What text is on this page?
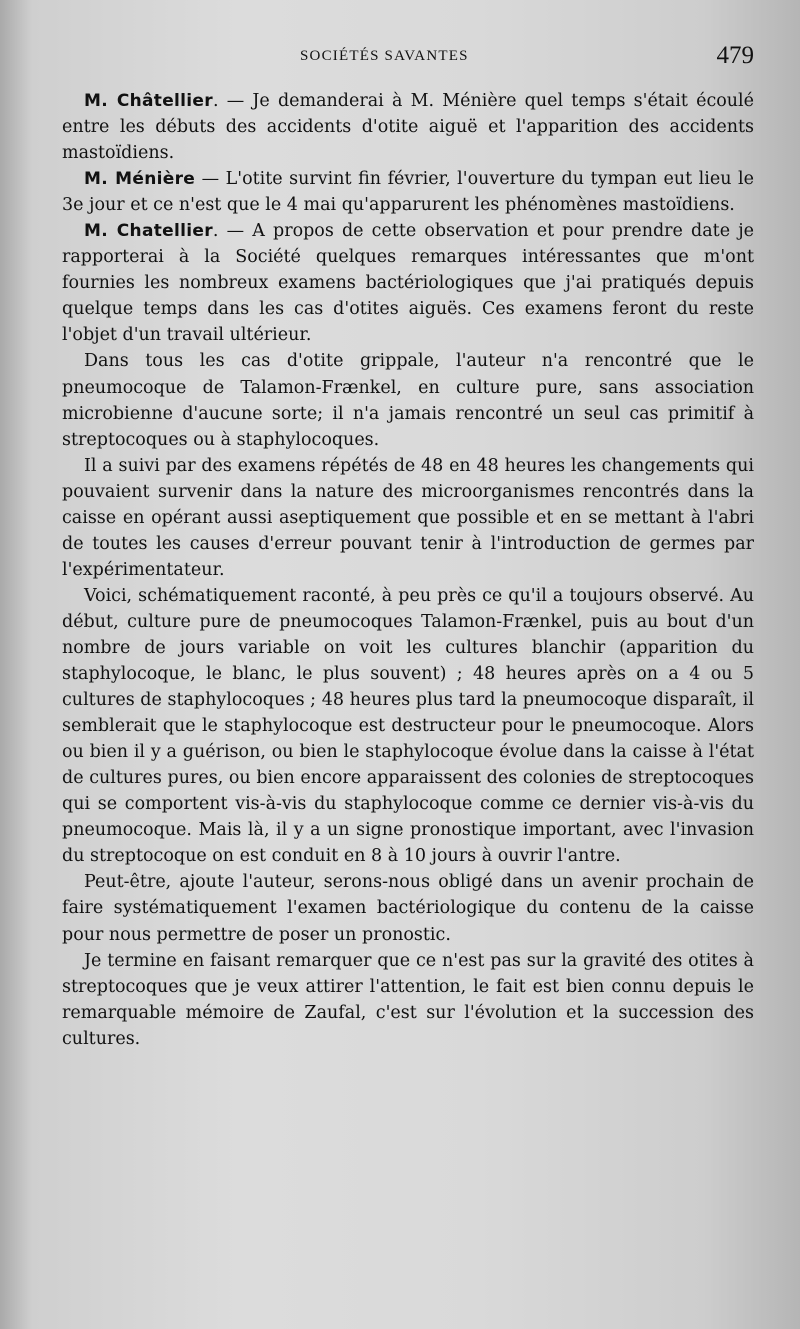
SOCIÉTÉS SAVANTES	479

M. Châtellier. — Je demanderai à M. Ménière quel temps s'était écoulé entre les débuts des accidents d'otite aiguë et l'apparition des accidents mastoïdiens.

M. Ménière — L'otite survint fin février, l'ouverture du tympan eut lieu le 3e jour et ce n'est que le 4 mai qu'apparurent les phénomènes mastoïdiens.

M. Chatellier. — A propos de cette observation et pour prendre date je rapporterai à la Société quelques remarques intéressantes que m'ont fournies les nombreux examens bactériologiques que j'ai pratiqués depuis quelque temps dans les cas d'otites aiguës. Ces examens feront du reste l'objet d'un travail ultérieur.

Dans tous les cas d'otite grippale, l'auteur n'a rencontré que le pneumocoque de Talamon-Frænkel, en culture pure, sans association microbienne d'aucune sorte; il n'a jamais rencontré un seul cas primitif à streptocoques ou à staphylocoques.

Il a suivi par des examens répétés de 48 en 48 heures les changements qui pouvaient survenir dans la nature des microorganismes rencontrés dans la caisse en opérant aussi aseptiquement que possible et en se mettant à l'abri de toutes les causes d'erreur pouvant tenir à l'introduction de germes par l'expérimentateur.

Voici, schématiquement raconté, à peu près ce qu'il a toujours observé. Au début, culture pure de pneumocoques Talamon-Frænkel, puis au bout d'un nombre de jours variable on voit les cultures blanchir (apparition du staphylocoque, le blanc, le plus souvent) ; 48 heures après on a 4 ou 5 cultures de staphylocoques ; 48 heures plus tard la pneumocoque disparaît, il semblerait que le staphylocoque est destructeur pour le pneumocoque. Alors ou bien il y a guérison, ou bien le staphylocoque évolue dans la caisse à l'état de cultures pures, ou bien encore apparaissent des colonies de streptocoques qui se comportent vis-à-vis du staphylocoque comme ce dernier vis-à-vis du pneumocoque. Mais là, il y a un signe pronostique important, avec l'invasion du streptocoque on est conduit en 8 à 10 jours à ouvrir l'antre.

Peut-être, ajoute l'auteur, serons-nous obligé dans un avenir prochain de faire systématiquement l'examen bactériologique du contenu de la caisse pour nous permettre de poser un pronostic.

Je termine en faisant remarquer que ce n'est pas sur la gravité des otites à streptocoques que je veux attirer l'attention, le fait est bien connu depuis le remarquable mémoire de Zaufal, c'est sur l'évolution et la succession des cultures.
